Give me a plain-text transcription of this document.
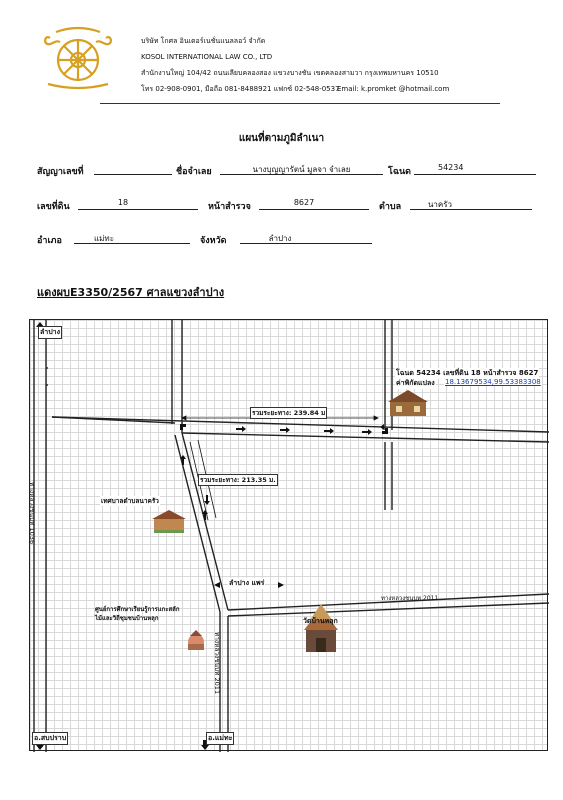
บริษัท โกศล อินเตอร์เนชั่นแนลลอว์ จำกัด
KOSOL INTERNATIONAL LAW CO., LTD
สำนักงานใหญ่ 104/42 ถนนเลียบคลองสอง แขวงบางชัน เขตคลองสามวา กรุงเทพมหานคร 10510
โทร 02-908-0901, มือถือ 081-8488921 แฟกซ์ 02-548-0537
Email: k.promket @hotmail.com
แผนที่ตามภูมิลำเนา
สัญญาเลขที่	ชื่อจำเลย	นางบุญญารัตน์ มูลจา จำเลย	โฉนด	54234
เลขที่ดิน	18	หน้าสำรวจ	8627	ตำบล	นาครัว
อำเภอ	แม่ทะ	จังหวัด	ลำปาง
แดงผบE3350/2567 ศาลแขวงลำปาง
ลำปาง
โฉนด 54234 เลขที่ดิน 18 หน้าสำรวจ 8627
ค่าพิกัดแปลง 18.13679534,99.53383308
รวมระยะทาง: 239.84 ม
รวมระยะทาง: 213.35 ม.
เทศบาลตำบลนาครัว
ลำปาง แพร่
ทางหลวงชนบท 2011
ศูนย์การศึกษาเรียนรู้การแกะสลัก
ไม้และวิถีชุมชนบ้านหลุก	วัดบ้านหลุก
ทางหลวงชนบท 1036
ทางหลวงชนบท 2011
อ.สบปราบ	อ.แม่ทะ
